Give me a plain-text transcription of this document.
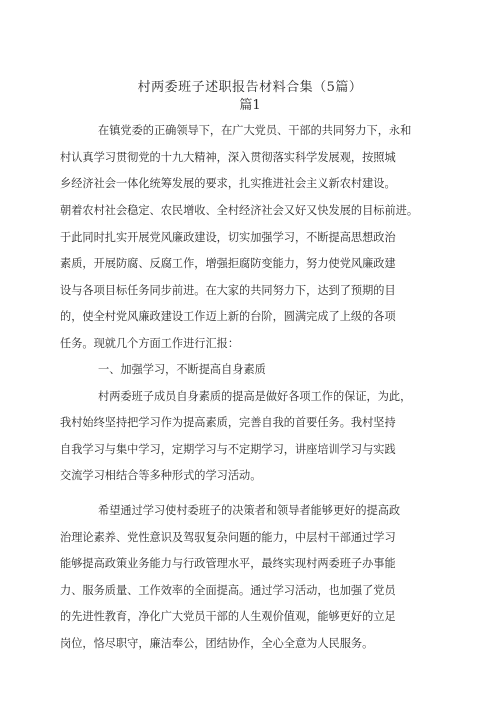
村两委班子述职报告材料合集（5篇）
篇1
在镇党委的正确领导下，在广大党员、干部的共同努力下，永和
村认真学习贯彻党的十九大精神，深入贯彻落实科学发展观，按照城
乡经济社会一体化统筹发展的要求，扎实推进社会主义新农村建设。
朝着农村社会稳定、农民增收、全村经济社会又好又快发展的目标前进。
于此同时扎实开展党风廉政建设，切实加强学习，不断提高思想政治
素质，开展防腐、反腐工作，增强拒腐防变能力，努力使党风廉政建
设与各项目标任务同步前进。在大家的共同努力下，达到了预期的目
的，使全村党风廉政建设工作迈上新的台阶，圆满完成了上级的各项
任务。现就几个方面工作进行汇报：
一、加强学习，不断提高自身素质
村两委班子成员自身素质的提高是做好各项工作的保证，为此，
我村始终坚持把学习作为提高素质，完善自我的首要任务。我村坚持
自我学习与集中学习，定期学习与不定期学习，讲座培训学习与实践
交流学习相结合等多种形式的学习活动。
希望通过学习使村委班子的决策者和领导者能够更好的提高政
治理论素养、党性意识及驾驭复杂问题的能力，中层村干部通过学习
能够提高政策业务能力与行政管理水平，最终实现村两委班子办事能
力、服务质量、工作效率的全面提高。通过学习活动，也加强了党员
的先进性教育，净化广大党员干部的人生观价值观，能够更好的立足
岗位，恪尽职守，廉洁奉公，团结协作，全心全意为人民服务。
